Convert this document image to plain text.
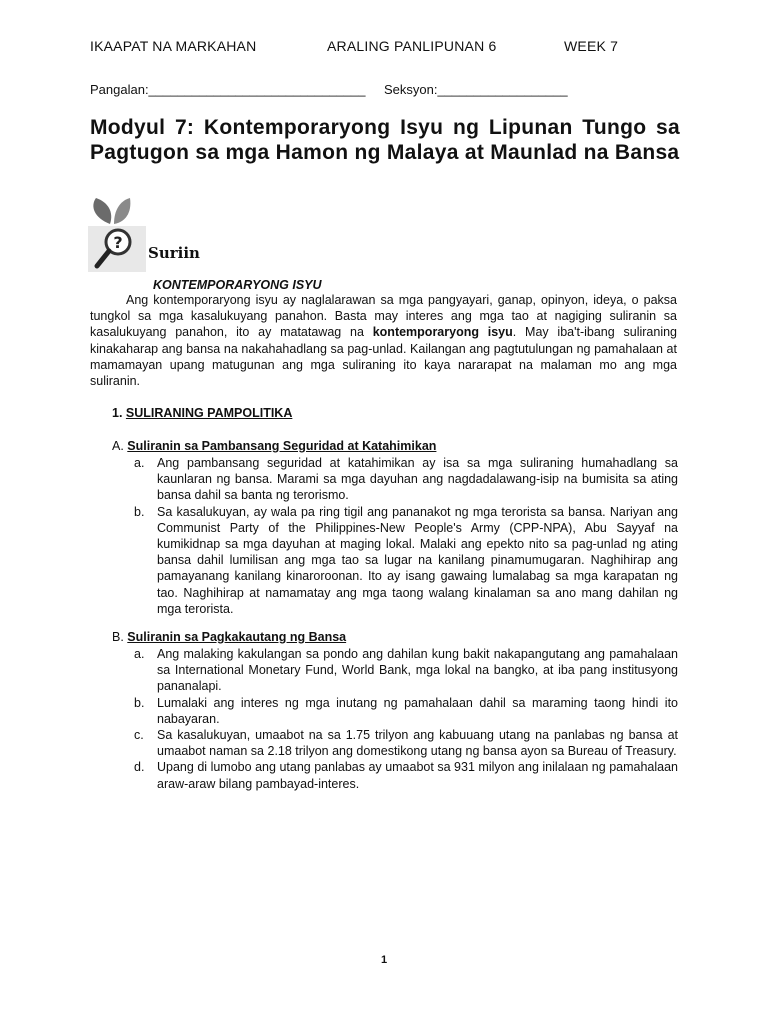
IKAAPAT NA MARKAHAN	ARALING PANLIPUNAN 6	WEEK 7
Pangalan:______________________________ Seksyon:__________________
Modyul 7: Kontemporaryong Isyu ng Lipunan Tungo sa Pagtugon sa mga Hamon ng Malaya at Maunlad na Bansa
?
Suriin
KONTEMPORARYONG ISYU
Ang kontemporaryong isyu ay naglalarawan sa mga pangyayari, ganap, opinyon, ideya, o paksa tungkol sa mga kasalukuyang panahon. Basta may interes ang mga tao at nagiging suliranin sa kasalukuyang panahon, ito ay matatawag na kontemporaryong isyu. May iba't-ibang suliraning kinakaharap ang bansa na nakahahadlang sa pag-unlad. Kailangan ang pagtutulungan ng pamahalaan at mamamayan upang matugunan ang mga suliraning ito kaya nararapat na malaman mo ang mga suliranin.
1. SULIRANING PAMPOLITIKA
A. Suliranin sa Pambansang Seguridad at Katahimikan
a. Ang pambansang seguridad at katahimikan ay isa sa mga suliraning humahadlang sa kaunlaran ng bansa. Marami sa mga dayuhan ang nagdadalawang-isip na bumisita sa ating bansa dahil sa banta ng terorismo.
b. Sa kasalukuyan, ay wala pa ring tigil ang pananakot ng mga terorista sa bansa. Nariyan ang Communist Party of the Philippines-New People's Army (CPP-NPA), Abu Sayyaf na kumikidnap sa mga dayuhan at maging lokal. Malaki ang epekto nito sa pag-unlad ng ating bansa dahil lumilisan ang mga tao sa lugar na kanilang pinamumugaran. Naghihirap ang pamayanang kanilang kinaroroonan. Ito ay isang gawaing lumalabag sa mga karapatan ng tao. Naghihirap at namamatay ang mga taong walang kinalaman sa ano mang dahilan ng mga terorista.
B. Suliranin sa Pagkakautang ng Bansa
a. Ang malaking kakulangan sa pondo ang dahilan kung bakit nakapangutang ang pamahalaan sa International Monetary Fund, World Bank, mga lokal na bangko, at iba pang institusyong pananalapi.
b. Lumalaki ang interes ng mga inutang ng pamahalaan dahil sa maraming taong hindi ito nabayaran.
c. Sa kasalukuyan, umaabot na sa 1.75 trilyon ang kabuuang utang na panlabas ng bansa at umaabot naman sa 2.18 trilyon ang domestikong utang ng bansa ayon sa Bureau of Treasury.
d. Upang di lumobo ang utang panlabas ay umaabot sa 931 milyon ang inilalaan ng pamahalaan araw-araw bilang pambayad-interes.
1
